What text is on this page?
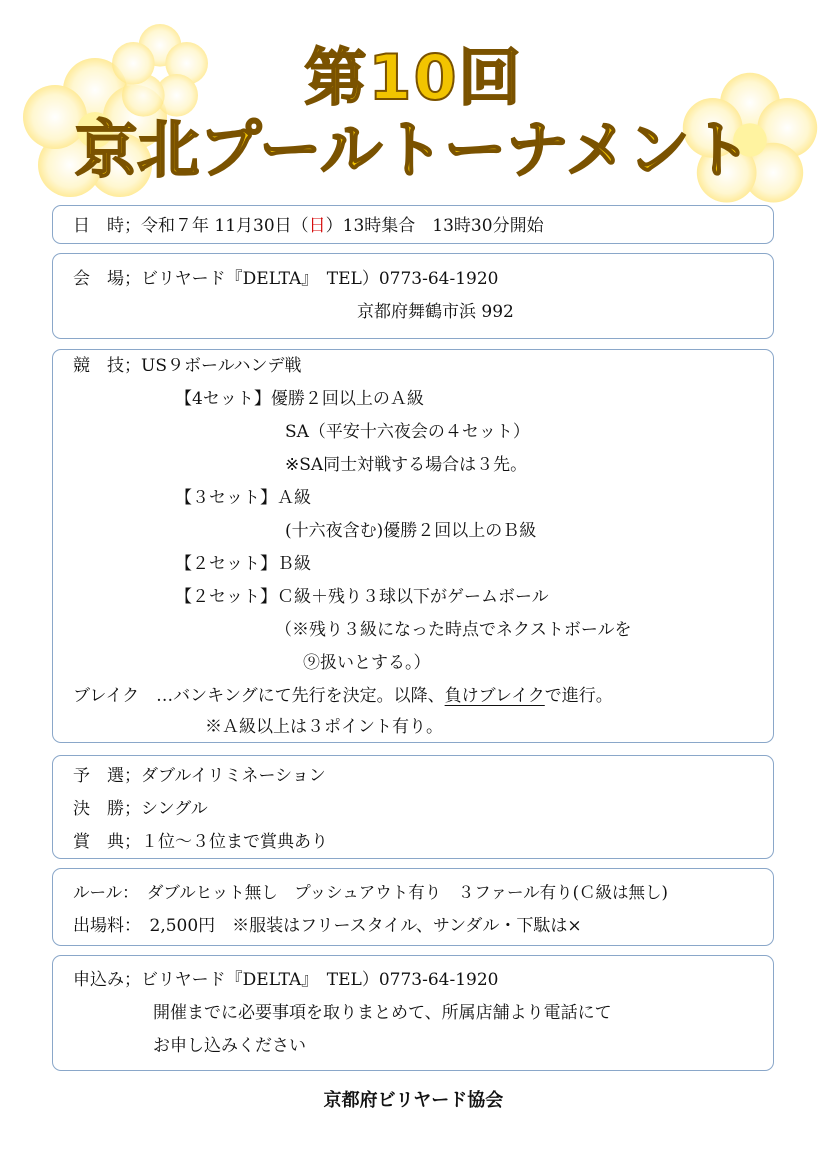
第10回
京北プールトーナメント
日　時；令和７年 11月30日（日）13時集合　13時30分開始
会　場；ビリヤード『DELTA』　TEL）0773-64-1920
京都府舞鶴市浜 992
競　技；US９ボールハンデ戦
【4セット】優勝２回以上のＡ級
SA（平安十六夜会の４セット）
※SA同士対戦する場合は３先。
【３セット】Ａ級
(十六夜含む)優勝２回以上のＢ級
【２セット】Ｂ級
【２セット】Ｃ級＋残り３球以下がゲームボール
（※残り３級になった時点でネクストボールを
⑨扱いとする。）
ブレイク　…バンキングにて先行を決定。以降、負けブレイクで進行。
※Ａ級以上は３ポイント有り。
予　選；ダブルイリミネーション
決　勝；シングル
賞　典；１位～３位まで賞典あり
ルール：　ダブルヒット無し　プッシュアウト有り　３ファール有り(Ｃ級は無し)
出場料：　2,500円　※服装はフリースタイル、サンダル・下駄は×
申込み；ビリヤード『DELTA』　TEL）0773-64-1920
開催までに必要事項を取りまとめて、所属店舗より電話にて
お申し込みください
京都府ビリヤード協会
